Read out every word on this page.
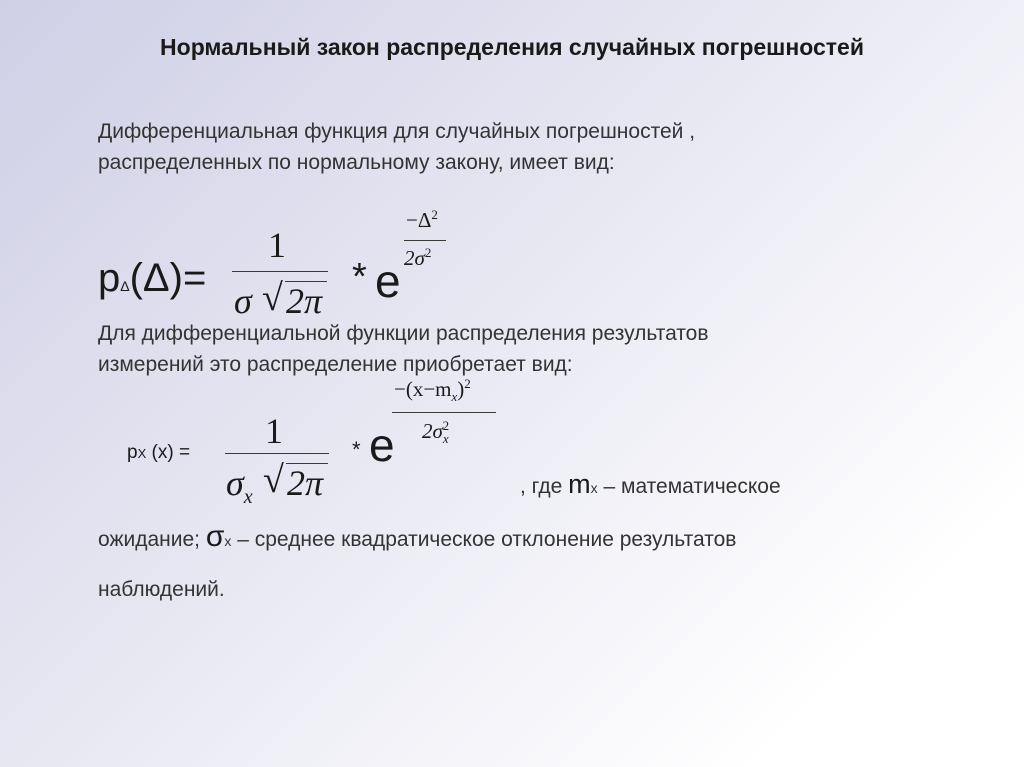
Нормальный закон распределения случайных погрешностей
Дифференциальная функция для случайных погрешностей ,
распределенных по нормальному закону, имеет вид:
pΔ(Δ)=
1
σ √ 2π
* e
$-\Delta^2$
$2\sigma^2$
Для дифференциальной функции распределения результатов
измерений это распределение приобретает вид:
pX (x) =
1
$\sigma_x$ √ 2π
* e
$-(x-m_x)^2$
$2\sigma_x^2$
, где mx – математическое
ожидание; σx – среднее квадратическое отклонение результатов
наблюдений.
